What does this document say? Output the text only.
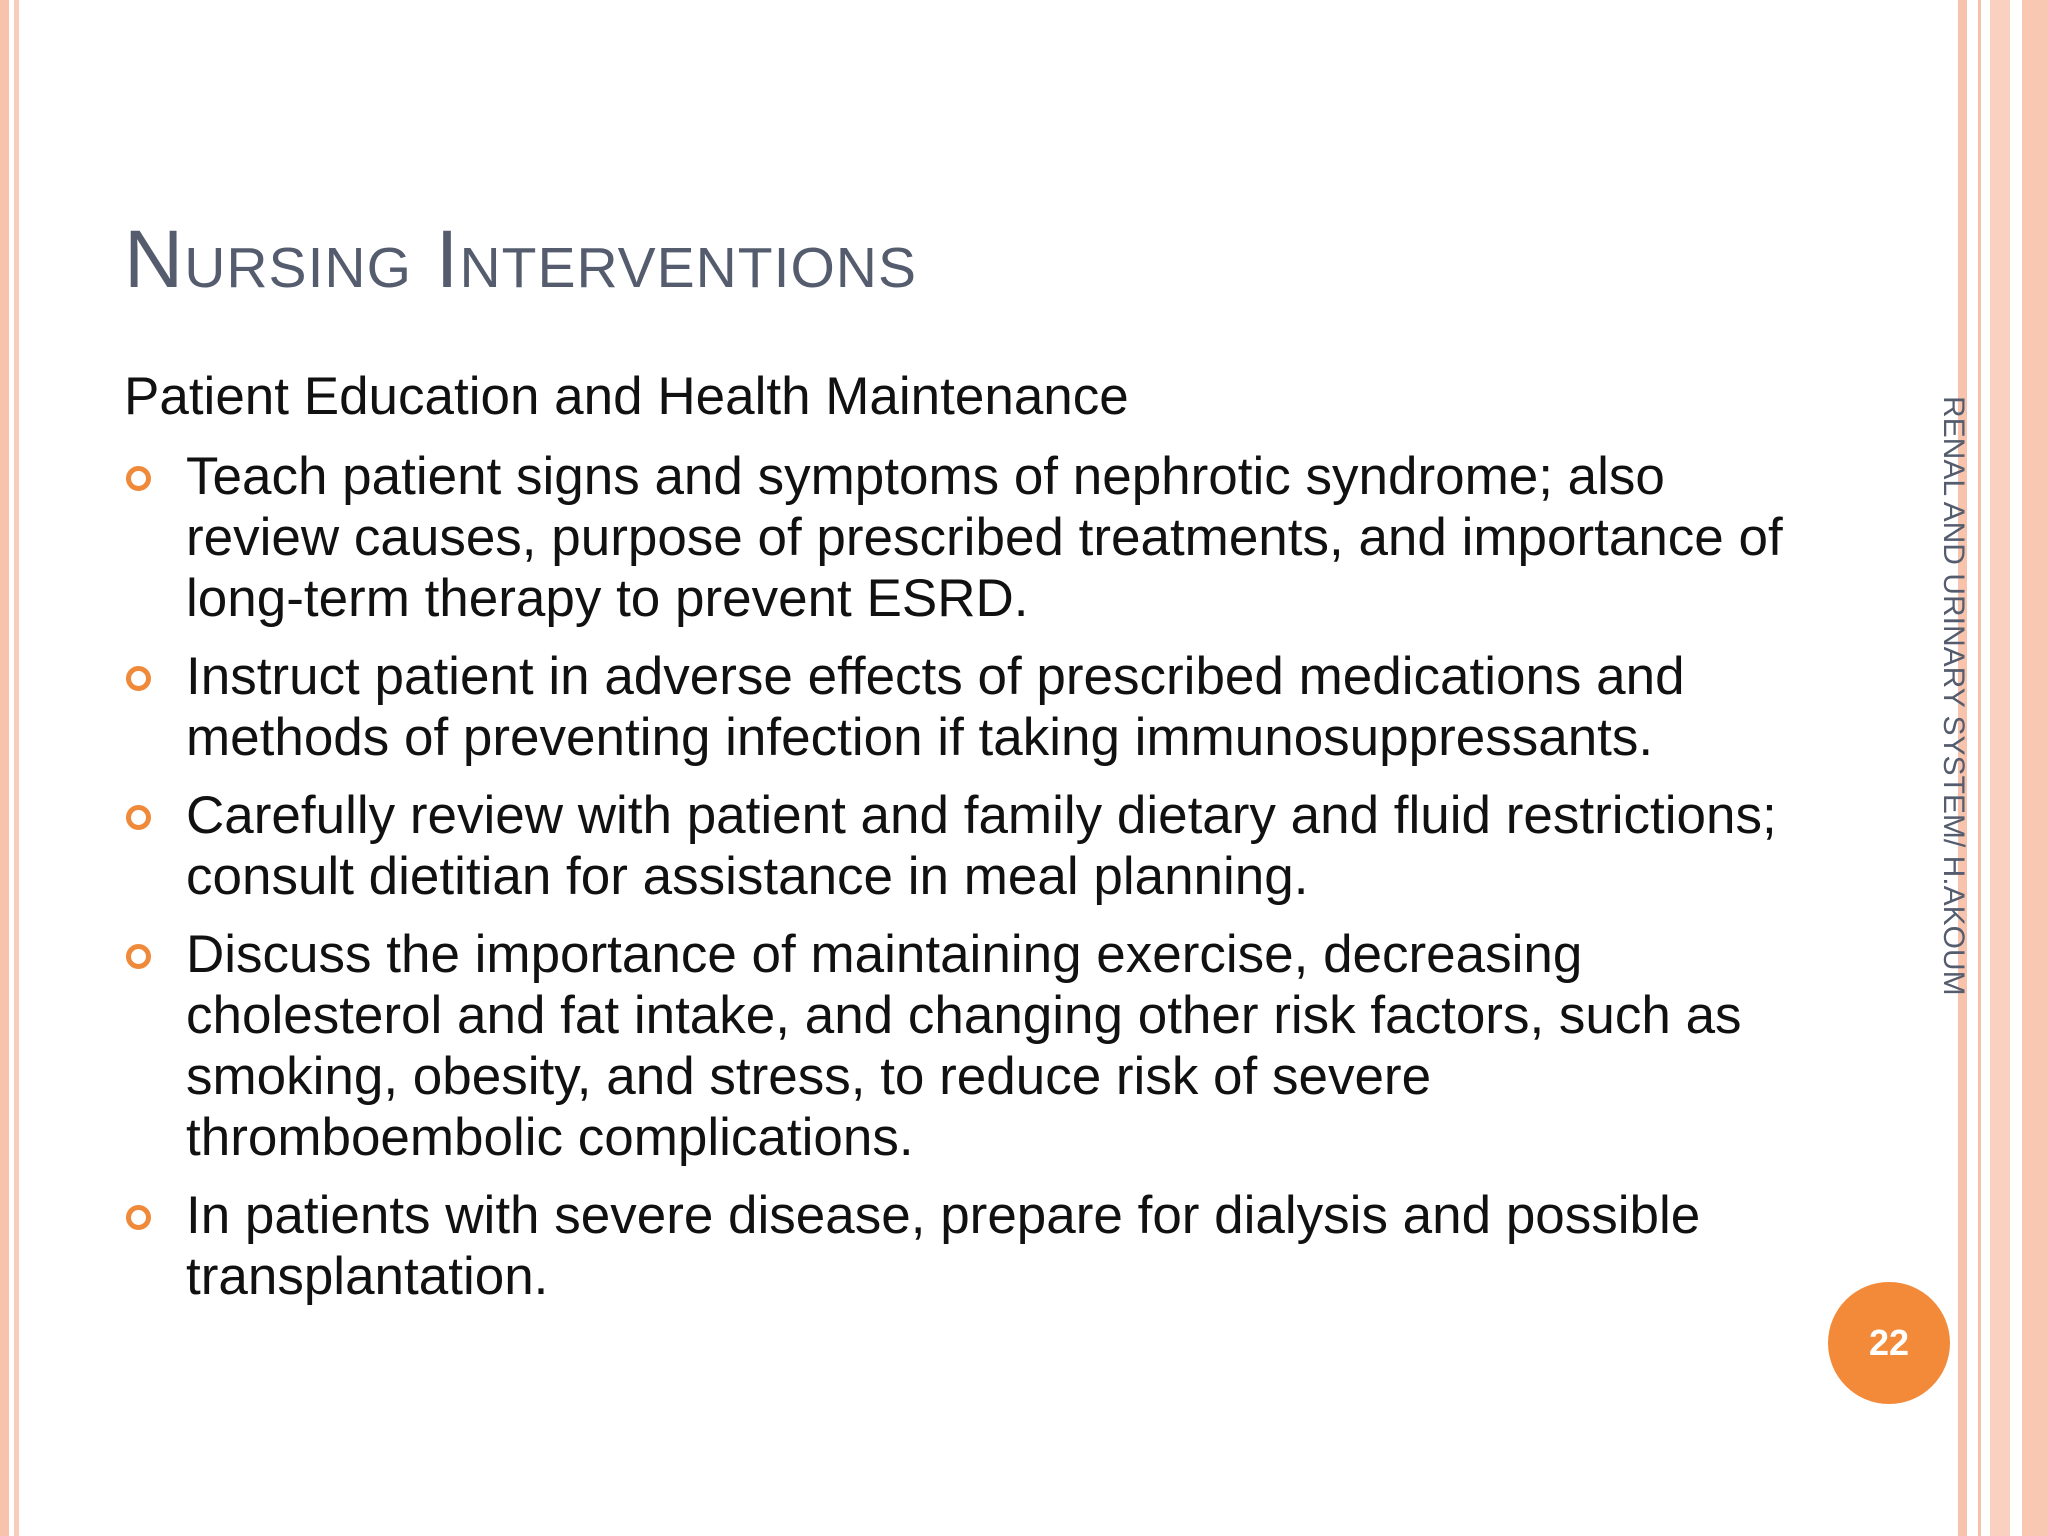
Nursing Interventions

Patient Education and Health Maintenance

Teach patient signs and symptoms of nephrotic syndrome; also review causes, purpose of prescribed treatments, and importance of long-term therapy to prevent ESRD.
Instruct patient in adverse effects of prescribed medications and methods of preventing infection if taking immunosuppressants.
Carefully review with patient and family dietary and fluid restrictions; consult dietitian for assistance in meal planning.
Discuss the importance of maintaining exercise, decreasing cholesterol and fat intake, and changing other risk factors, such as smoking, obesity, and stress, to reduce risk of severe thromboembolic complications.
In patients with severe disease, prepare for dialysis and possible transplantation.
RENAL AND URINARY SYSTEM/ H.AKOUM
22
